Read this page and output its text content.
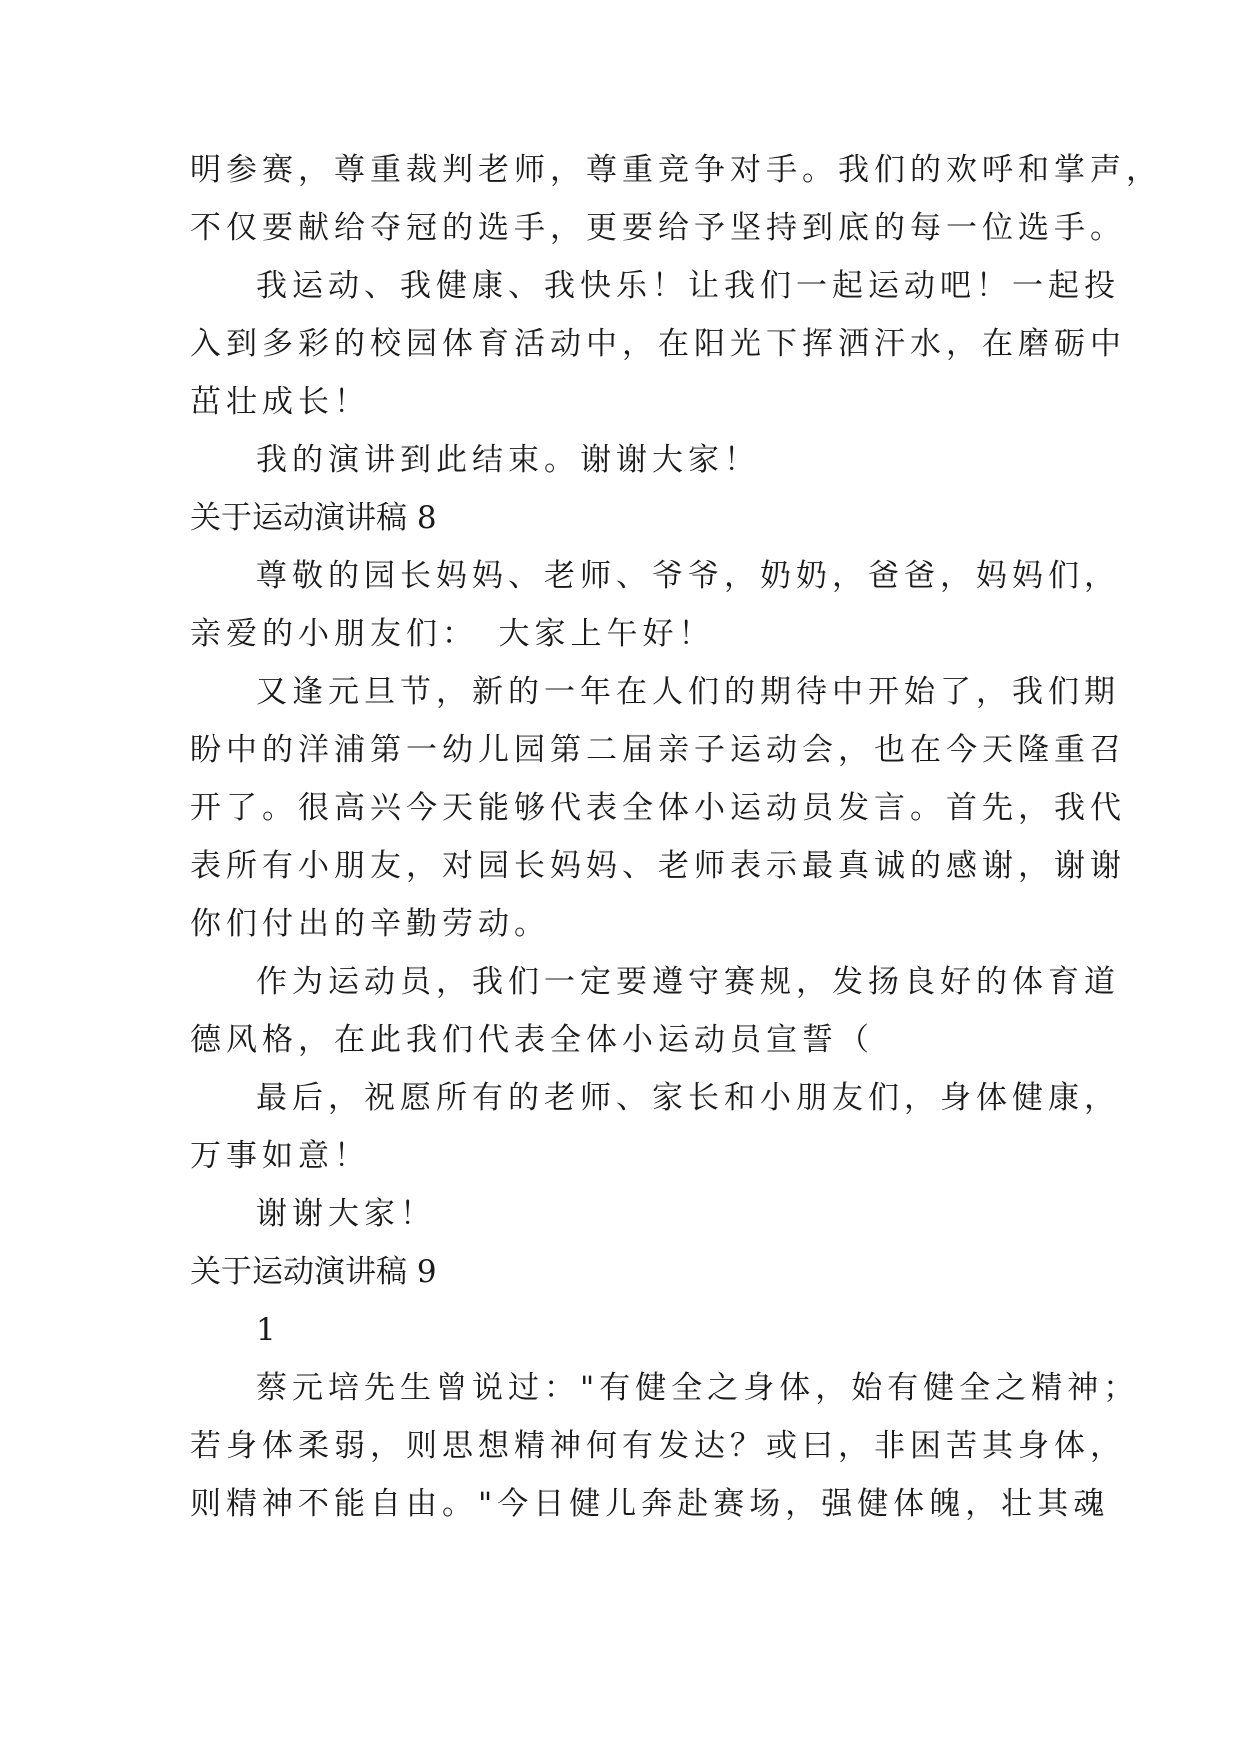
明参赛，尊重裁判老师，尊重竞争对手。我们的欢呼和掌声，
不仅要献给夺冠的选手，更要给予坚持到底的每一位选手。
我运动、我健康、我快乐！让我们一起运动吧！一起投
入到多彩的校园体育活动中，在阳光下挥洒汗水，在磨砺中
茁壮成长！
我的演讲到此结束。谢谢大家！
关于运动演讲稿 8
尊敬的园长妈妈、老师、爷爷，奶奶，爸爸，妈妈们，
亲爱的小朋友们：　大家上午好！
又逢元旦节，新的一年在人们的期待中开始了，我们期
盼中的洋浦第一幼儿园第二届亲子运动会，也在今天隆重召
开了。很高兴今天能够代表全体小运动员发言。首先，我代
表所有小朋友，对园长妈妈、老师表示最真诚的感谢，谢谢
你们付出的辛勤劳动。
作为运动员，我们一定要遵守赛规，发扬良好的体育道
德风格，在此我们代表全体小运动员宣誓（
最后，祝愿所有的老师、家长和小朋友们，身体健康，
万事如意！
谢谢大家！
关于运动演讲稿 9
1
蔡元培先生曾说过："有健全之身体，始有健全之精神；
若身体柔弱，则思想精神何有发达？或曰，非困苦其身体，
则精神不能自由。"今日健儿奔赴赛场，强健体魄，壮其魂
